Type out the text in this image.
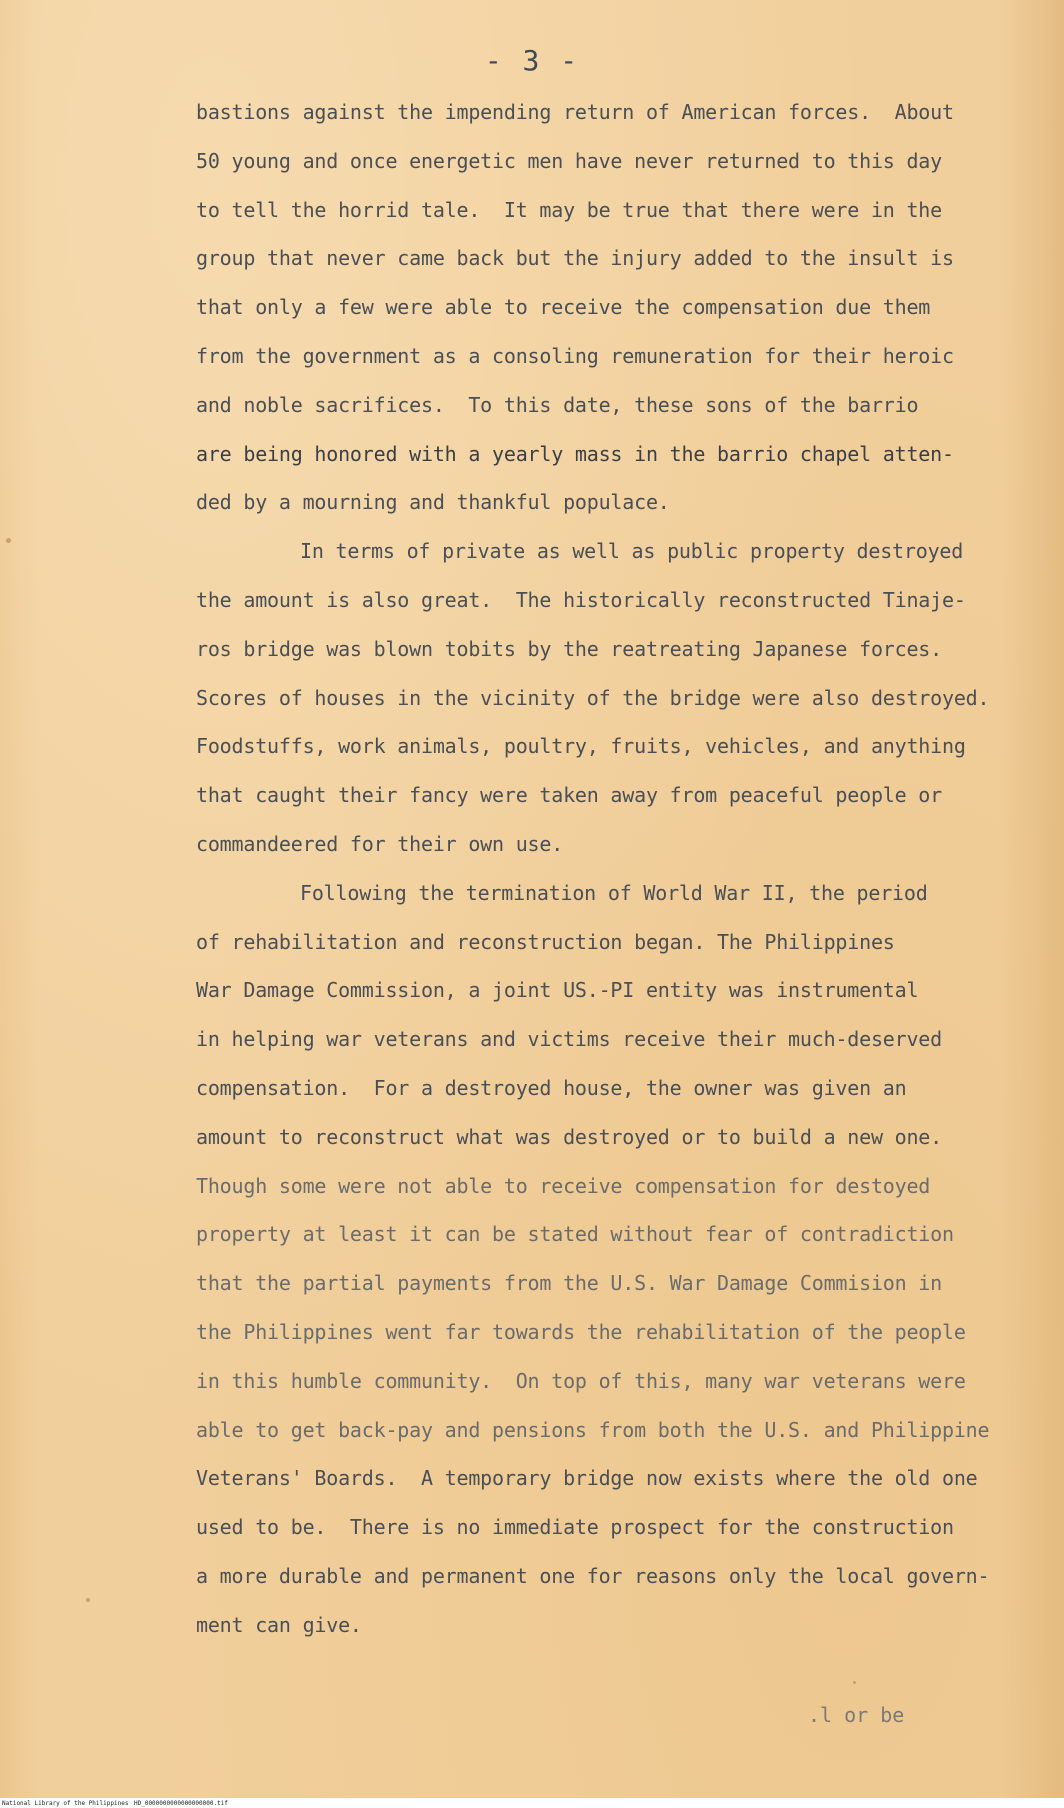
- 3 -
bastions against the impending return of American forces.  About
50 young and once energetic men have never returned to this day
to tell the horrid tale.  It may be true that there were in the
group that never came back but the injury added to the insult is
that only a few were able to receive the compensation due them
from the government as a consoling remuneration for their heroic
and noble sacrifices.  To this date, these sons of the barrio
are being honored with a yearly mass in the barrio chapel atten-
ded by a mourning and thankful populace.
In terms of private as well as public property destroyed
the amount is also great.  The historically reconstructed Tinaje-
ros bridge was blown tobits by the reatreating Japanese forces.
Scores of houses in the vicinity of the bridge were also destroyed.
Foodstuffs, work animals, poultry, fruits, vehicles, and anything
that caught their fancy were taken away from peaceful people or
commandeered for their own use.
Following the termination of World War II, the period
of rehabilitation and reconstruction began. The Philippines
War Damage Commission, a joint US.-PI entity was instrumental
in helping war veterans and victims receive their much-deserved
compensation.  For a destroyed house, the owner was given an
amount to reconstruct what was destroyed or to build a new one.
Though some were not able to receive compensation for destoyed
property at least it can be stated without fear of contradiction
that the partial payments from the U.S. War Damage Commision in
the Philippines went far towards the rehabilitation of the people
in this humble community.  On top of this, many war veterans were
able to get back-pay and pensions from both the U.S. and Philippine
Veterans' Boards.  A temporary bridge now exists where the old one
used to be.  There is no immediate prospect for the construction
a more durable and permanent one for reasons only the local govern-
ment can give.
.l or be
National Library of the Philippines HD_0000000000000000000.tif
